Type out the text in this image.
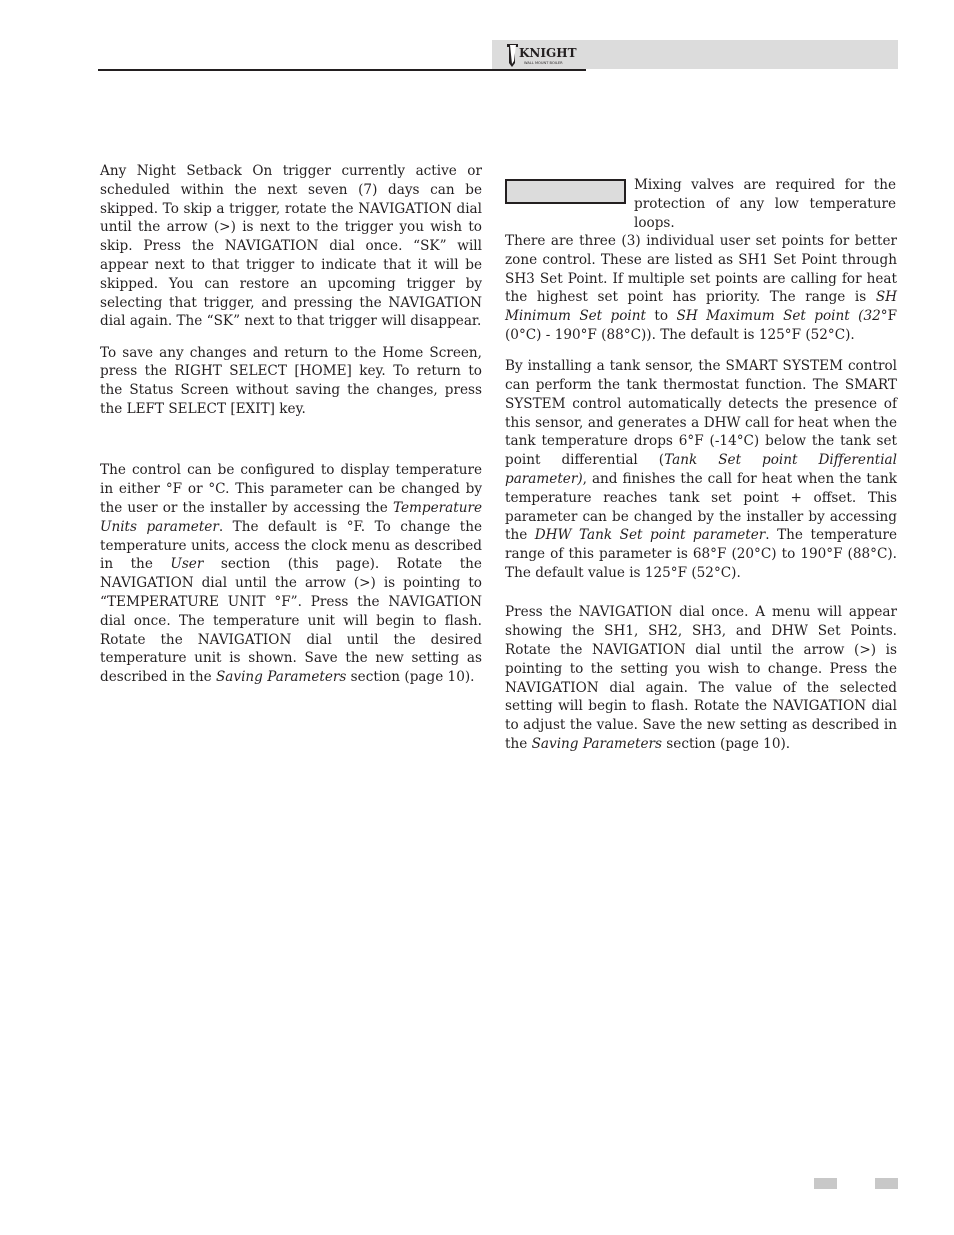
KNIGHT
WALL MOUNT BOILER

Any Night Setback On trigger currently active or scheduled within the next seven (7) days can be skipped. To skip a trigger, rotate the NAVIGATION dial until the arrow (>) is next to the trigger you wish to skip. Press the NAVIGATION dial once. “SK” will appear next to that trigger to indicate that it will be skipped. You can restore an upcoming trigger by selecting that trigger, and pressing the NAVIGATION dial again. The “SK” next to that trigger will disappear.

To save any changes and return to the Home Screen, press the RIGHT SELECT [HOME] key. To return to the Status Screen without saving the changes, press the LEFT SELECT [EXIT] key.

The control can be configured to display temperature in either °F or °C. This parameter can be changed by the user or the installer by accessing the Temperature Units parameter. The default is °F. To change the temperature units, access the clock menu as described in the User section (this page). Rotate the NAVIGATION dial until the arrow (>) is pointing to “TEMPERATURE UNIT °F”. Press the NAVIGATION dial once. The temperature unit will begin to flash. Rotate the NAVIGATION dial until the desired temperature unit is shown. Save the new setting as described in the Saving Parameters section (page 10).

Mixing valves are required for the protection of any low temperature loops.

There are three (3) individual user set points for better zone control. These are listed as SH1 Set Point through SH3 Set Point. If multiple set points are calling for heat the highest set point has priority. The range is SH Minimum Set point to SH Maximum Set point (32°F (0°C) - 190°F (88°C)). The default is 125°F (52°C).

By installing a tank sensor, the SMART SYSTEM control can perform the tank thermostat function. The SMART SYSTEM control automatically detects the presence of this sensor, and generates a DHW call for heat when the tank temperature drops 6°F (-14°C) below the tank set point differential (Tank Set point Differential parameter), and finishes the call for heat when the tank temperature reaches tank set point + offset. This parameter can be changed by the installer by accessing the DHW Tank Set point parameter. The temperature range of this parameter is 68°F (20°C) to 190°F (88°C). The default value is 125°F (52°C).

Press the NAVIGATION dial once. A menu will appear showing the SH1, SH2, SH3, and DHW Set Points. Rotate the NAVIGATION dial until the arrow (>) is pointing to the setting you wish to change. Press the NAVIGATION dial again. The value of the selected setting will begin to flash. Rotate the NAVIGATION dial to adjust the value. Save the new setting as described in the Saving Parameters section (page 10).
